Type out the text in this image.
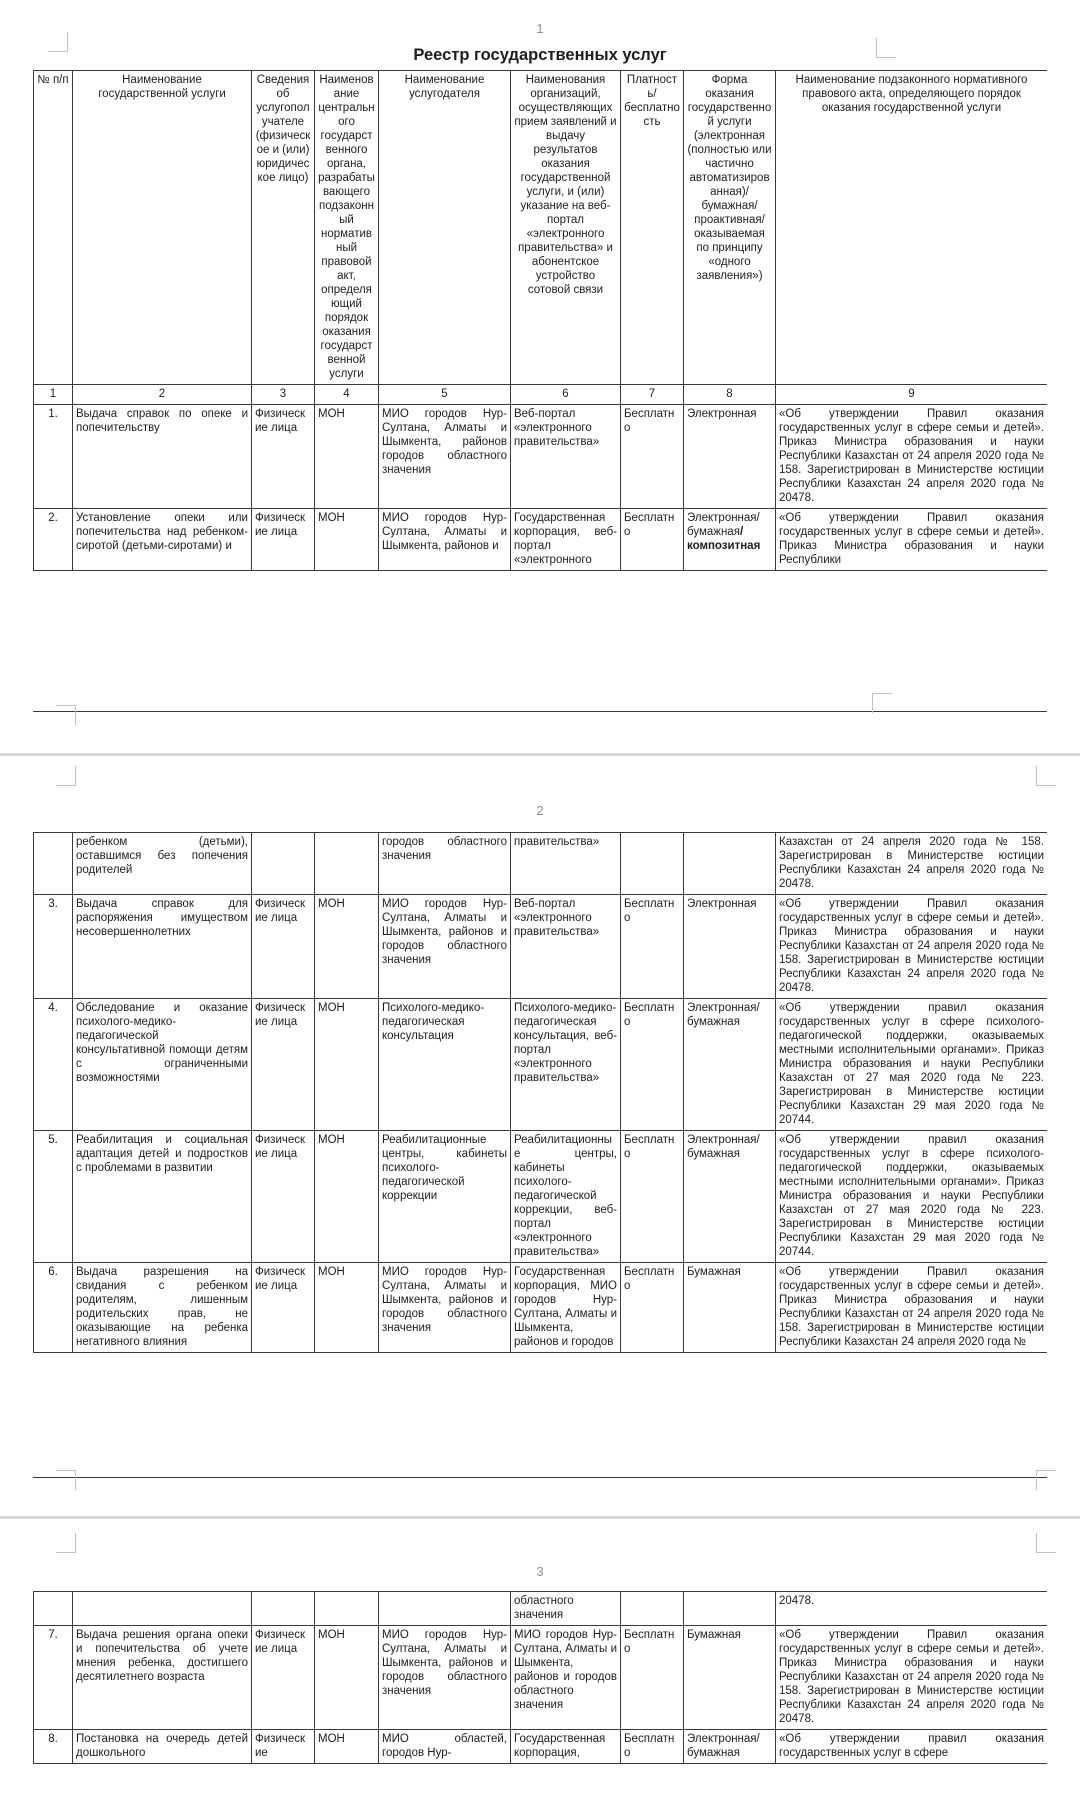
1
Реестр государственных услуг
№ п/п	Наименование государственной услуги	Сведения об услугополучателе (физическое и (или) юридическое лицо)	Наименование центрального государственного органа, разрабатывающего подзаконный нормативный правовой акт, определяющий порядок оказания государственной услуги	Наименование услугодателя	Наименования организаций, осуществляющих прием заявлений и выдачу результатов оказания государственной услуги, и (или) указание на веб-портал «электронного правительства» и абонентское устройство сотовой связи	Платность/бесплатность	Форма оказания государственной услуги (электронная (полностью или частично автоматизированная)/бумажная/проактивная/оказываемая по принципу «одного заявления»)	Наименование подзаконного нормативного правового акта, определяющего порядок оказания государственной услуги
1	2	3	4	5	6	7	8	9
1.	Выдача справок по опеке и попечительству	Физические лица	МОН	МИО городов Нур-Султана, Алматы и Шымкента, районов городов областного значения	Веб-портал «электронного правительства»	Бесплатно	Электронная	«Об утверждении Правил оказания государственных услуг в сфере семьи и детей». Приказ Министра образования и науки Республики Казахстан от 24 апреля 2020 года № 158. Зарегистрирован в Министерстве юстиции Республики Казахстан 24 апреля 2020 года № 20478.
2.	Установление опеки или попечительства над ребенком- сиротой (детьми-сиротами) и	Физические лица	МОН	МИО городов Нур-Султана, Алматы и Шымкента, районов и	Государственная корпорация, веб-портал «электронного	Бесплатно	Электронная/бумажная/композитная	«Об утверждении Правил оказания государственных услуг в сфере семьи и детей». Приказ Министра образования и науки Республики
2
	ребенком (детьми), оставшимся без попечения родителей			городов областного значения	правительства»			Казахстан от 24 апреля 2020 года № 158. Зарегистрирован в Министерстве юстиции Республики Казахстан 24 апреля 2020 года № 20478.
3.	Выдача справок для распоряжения имуществом несовершеннолетних	Физические лица	МОН	МИО городов Нур-Султана, Алматы и Шымкента, районов и городов областного значения	Веб-портал «электронного правительства»	Бесплатно	Электронная	«Об утверждении Правил оказания государственных услуг в сфере семьи и детей». Приказ Министра образования и науки Республики Казахстан от 24 апреля 2020 года № 158. Зарегистрирован в Министерстве юстиции Республики Казахстан 24 апреля 2020 года № 20478.
4.	Обследование и оказание психолого-медико-педагогической консультативной помощи детям с ограниченными возможностями	Физические лица	МОН	Психолого-медико-педагогическая консультация	Психолого-медико-педагогическая консультация, веб-портал «электронного правительства»	Бесплатно	Электронная/бумажная	«Об утверждении правил оказания государственных услуг в сфере психолого-педагогической поддержки, оказываемых местными исполнительными органами». Приказ Министра образования и науки Республики Казахстан от 27 мая 2020 года № 223. Зарегистрирован в Министерстве юстиции Республики Казахстан 29 мая 2020 года № 20744.
5.	Реабилитация и социальная адаптация детей и подростков с проблемами в развитии	Физические лица	МОН	Реабилитационные центры, кабинеты психолого-педагогической коррекции	Реабилитационные центры, кабинеты психолого-педагогической коррекции, веб-портал «электронного правительства»	Бесплатно	Электронная/бумажная	«Об утверждении правил оказания государственных услуг в сфере психолого-педагогической поддержки, оказываемых местными исполнительными органами». Приказ Министра образования и науки Республики Казахстан от 27 мая 2020 года № 223. Зарегистрирован в Министерстве юстиции Республики Казахстан 29 мая 2020 года № 20744.
6.	Выдача разрешения на свидания с ребенком родителям, лишенным родительских прав, не оказывающие на ребенка негативного влияния	Физические лица	МОН	МИО городов Нур-Султана, Алматы и Шымкента, районов и городов областного значения	Государственная корпорация, МИО городов Нур-Султана, Алматы и Шымкента, районов и городов	Бесплатно	Бумажная	«Об утверждении Правил оказания государственных услуг в сфере семьи и детей». Приказ Министра образования и науки Республики Казахстан от 24 апреля 2020 года № 158. Зарегистрирован в Министерстве юстиции Республики Казахстан 24 апреля 2020 года №
3
					областного значения			20478.
7.	Выдача решения органа опеки и попечительства об учете мнения ребенка, достигшего десятилетнего возраста	Физические лица	МОН	МИО городов Нур-Султана, Алматы и Шымкента, районов и городов областного значения	МИО городов Нур-Султана, Алматы и Шымкента, районов и городов областного значения	Бесплатно	Бумажная	«Об утверждении Правил оказания государственных услуг в сфере семьи и детей». Приказ Министра образования и науки Республики Казахстан от 24 апреля 2020 года № 158. Зарегистрирован в Министерстве юстиции Республики Казахстан 24 апреля 2020 года № 20478.
8.	Постановка на очередь детей дошкольного	Физические	МОН	МИО областей, городов Нур-	Государственная корпорация,	Бесплатно	Электронная/бумажная	«Об утверждении правил оказания государственных услуг в сфере
